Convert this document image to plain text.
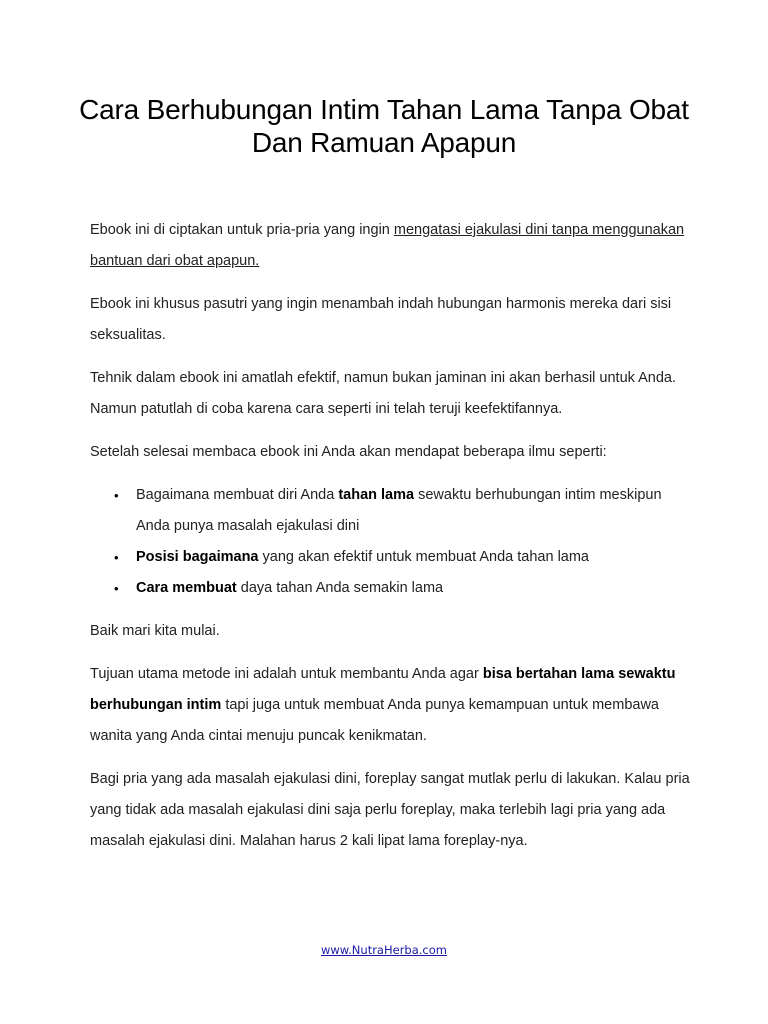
Cara Berhubungan Intim Tahan Lama Tanpa Obat Dan Ramuan Apapun

Ebook ini di ciptakan untuk pria-pria yang ingin mengatasi ejakulasi dini tanpa menggunakan bantuan dari obat apapun.

Ebook ini khusus pasutri yang ingin menambah indah hubungan harmonis mereka dari sisi seksualitas.

Tehnik dalam ebook ini amatlah efektif, namun bukan jaminan ini akan berhasil untuk Anda. Namun patutlah di coba karena cara seperti ini telah teruji keefektifannya.

Setelah selesai membaca ebook ini Anda akan mendapat beberapa ilmu seperti:

• Bagaimana membuat diri Anda tahan lama sewaktu berhubungan intim meskipun Anda punya masalah ejakulasi dini
• Posisi bagaimana yang akan efektif untuk membuat Anda tahan lama
• Cara membuat daya tahan Anda semakin lama

Baik mari kita mulai.

Tujuan utama metode ini adalah untuk membantu Anda agar bisa bertahan lama sewaktu berhubungan intim tapi juga untuk membuat Anda punya kemampuan untuk membawa wanita yang Anda cintai menuju puncak kenikmatan.

Bagi pria yang ada masalah ejakulasi dini, foreplay sangat mutlak perlu di lakukan. Kalau pria yang tidak ada masalah ejakulasi dini saja perlu foreplay, maka terlebih lagi pria yang ada masalah ejakulasi dini. Malahan harus 2 kali lipat lama foreplay-nya.

www.NutraHerba.com
